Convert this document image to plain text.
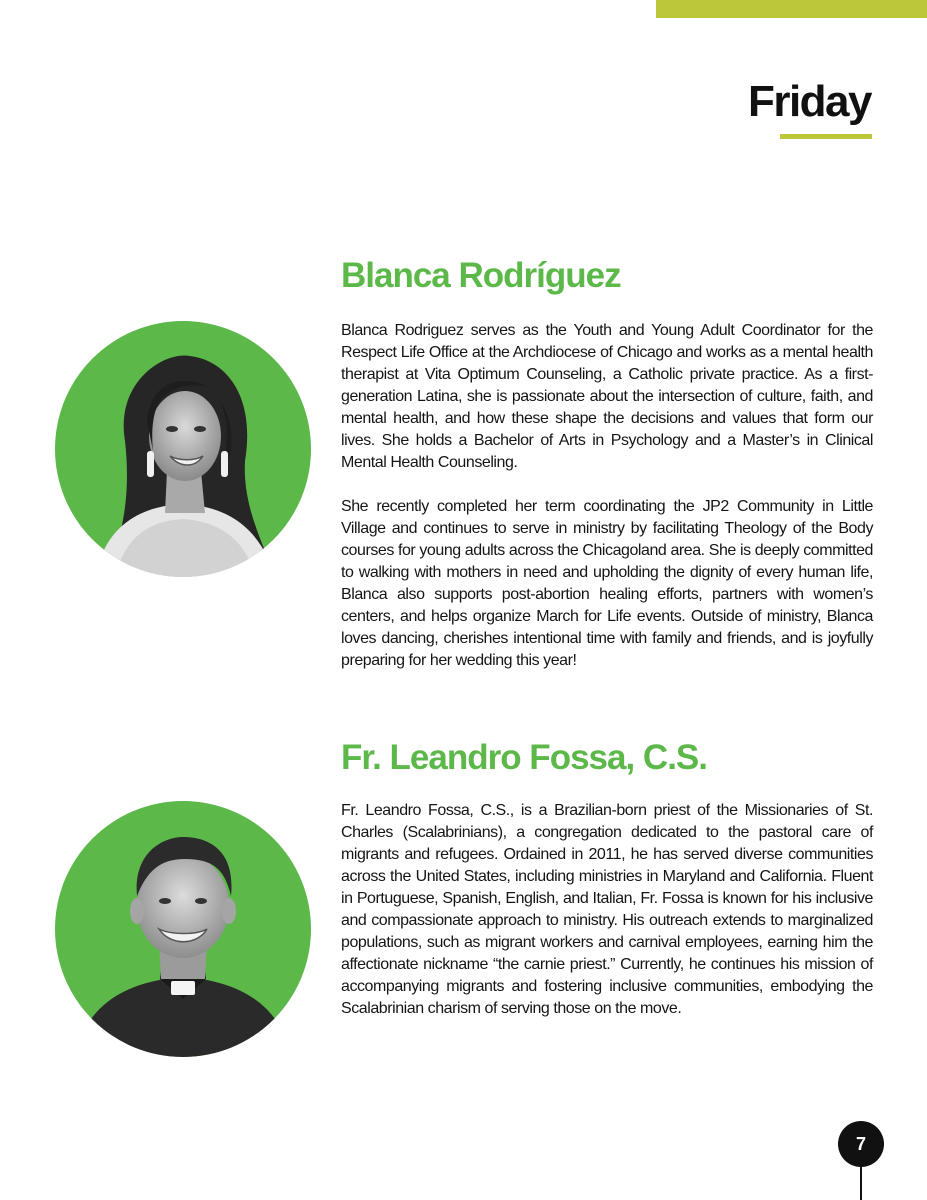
Friday
Blanca Rodríguez

Blanca Rodriguez serves as the Youth and Young Adult Coordinator for the Respect Life Office at the Archdiocese of Chicago and works as a mental health therapist at Vita Optimum Counseling, a Catholic private practice. As a first-generation Latina, she is passionate about the intersection of culture, faith, and mental health, and how these shape the decisions and values that form our lives. She holds a Bachelor of Arts in Psychology and a Master’s in Clinical Mental Health Counseling.

She recently completed her term coordinating the JP2 Community in Little Village and continues to serve in ministry by facilitating Theology of the Body courses for young adults across the Chicagoland area. She is deeply committed to walking with mothers in need and upholding the dignity of every human life, Blanca also supports post-abortion healing efforts, partners with women’s centers, and helps organize March for Life events. Outside of ministry, Blanca loves dancing, cherishes intentional time with family and friends, and is joyfully preparing for her wedding this year!

Fr. Leandro Fossa, C.S.

Fr. Leandro Fossa, C.S., is a Brazilian-born priest of the Missionaries of St. Charles (Scalabrinians), a congregation dedicated to the pastoral care of migrants and refugees. Ordained in 2011, he has served diverse communities across the United States, including ministries in Maryland and California. Fluent in Portuguese, Spanish, English, and Italian, Fr. Fossa is known for his inclusive and compassionate approach to ministry. His outreach extends to marginalized populations, such as migrant workers and carnival employees, earning him the affectionate nickname “the carnie priest.” Currently, he continues his mission of accompanying migrants and fostering inclusive communities, embodying the Scalabrinian charism of serving those on the move.

7
